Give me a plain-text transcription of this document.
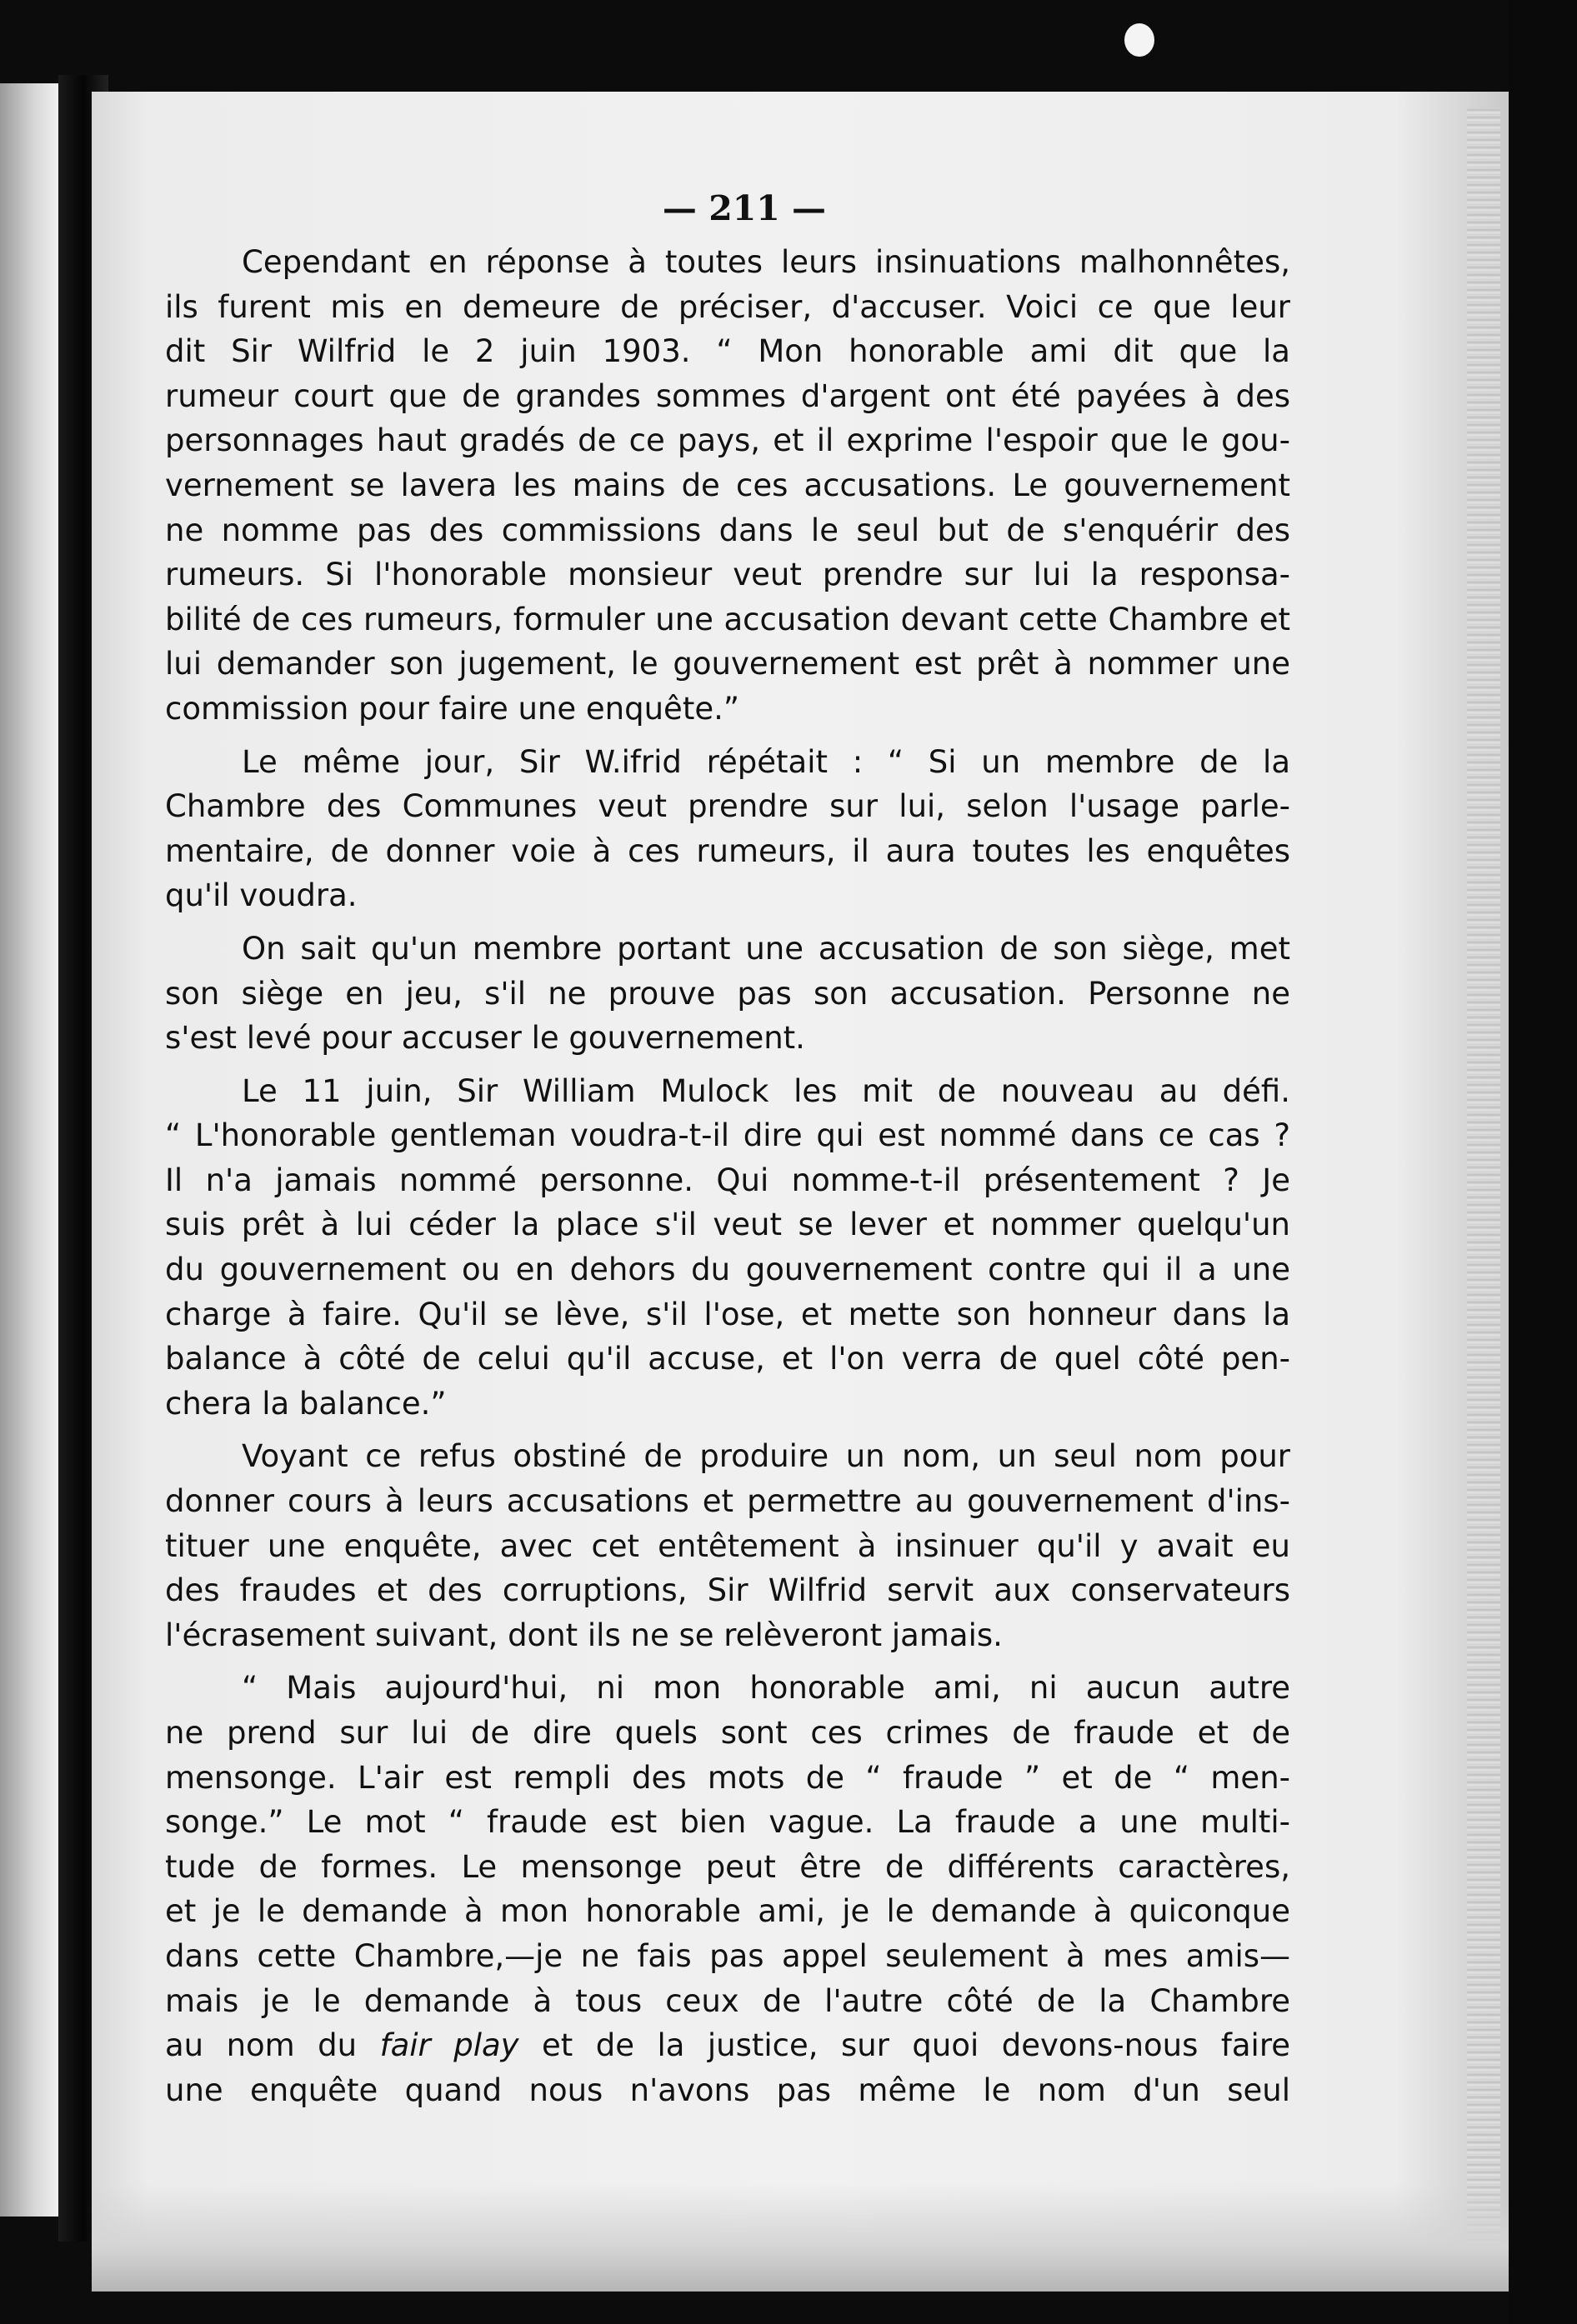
— 211 —
Cependant en réponse à toutes leurs insinuations malhonnêtes,
ils furent mis en demeure de préciser, d'accuser. Voici ce que leur
dit Sir Wilfrid le 2 juin 1903. “ Mon honorable ami dit que la
rumeur court que de grandes sommes d'argent ont été payées à des
personnages haut gradés de ce pays, et il exprime l'espoir que le gou-
vernement se lavera les mains de ces accusations. Le gouvernement
ne nomme pas des commissions dans le seul but de s'enquérir des
rumeurs. Si l'honorable monsieur veut prendre sur lui la responsa-
bilité de ces rumeurs, formuler une accusation devant cette Chambre et
lui demander son jugement, le gouvernement est prêt à nommer une
commission pour faire une enquête.”
Le même jour, Sir W.ifrid répétait : “ Si un membre de la
Chambre des Communes veut prendre sur lui, selon l'usage parle-
mentaire, de donner voie à ces rumeurs, il aura toutes les enquêtes
qu'il voudra.
On sait qu'un membre portant une accusation de son siège, met
son siège en jeu, s'il ne prouve pas son accusation. Personne ne
s'est levé pour accuser le gouvernement.
Le 11 juin, Sir William Mulock les mit de nouveau au défi.
“ L'honorable gentleman voudra-t-il dire qui est nommé dans ce cas ?
Il n'a jamais nommé personne. Qui nomme-t-il présentement ? Je
suis prêt à lui céder la place s'il veut se lever et nommer quelqu'un
du gouvernement ou en dehors du gouvernement contre qui il a une
charge à faire. Qu'il se lève, s'il l'ose, et mette son honneur dans la
balance à côté de celui qu'il accuse, et l'on verra de quel côté pen-
chera la balance.”
Voyant ce refus obstiné de produire un nom, un seul nom pour
donner cours à leurs accusations et permettre au gouvernement d'ins-
tituer une enquête, avec cet entêtement à insinuer qu'il y avait eu
des fraudes et des corruptions, Sir Wilfrid servit aux conservateurs
l'écrasement suivant, dont ils ne se relèveront jamais.
“ Mais aujourd'hui, ni mon honorable ami, ni aucun autre
ne prend sur lui de dire quels sont ces crimes de fraude et de
mensonge. L'air est rempli des mots de “ fraude ” et de “ men-
songe.” Le mot “ fraude est bien vague. La fraude a une multi-
tude de formes. Le mensonge peut être de différents caractères,
et je le demande à mon honorable ami, je le demande à quiconque
dans cette Chambre,—je ne fais pas appel seulement à mes amis—
mais je le demande à tous ceux de l'autre côté de la Chambre
au nom du fair play et de la justice, sur quoi devons-nous faire
une enquête quand nous n'avons pas même le nom d'un seul
